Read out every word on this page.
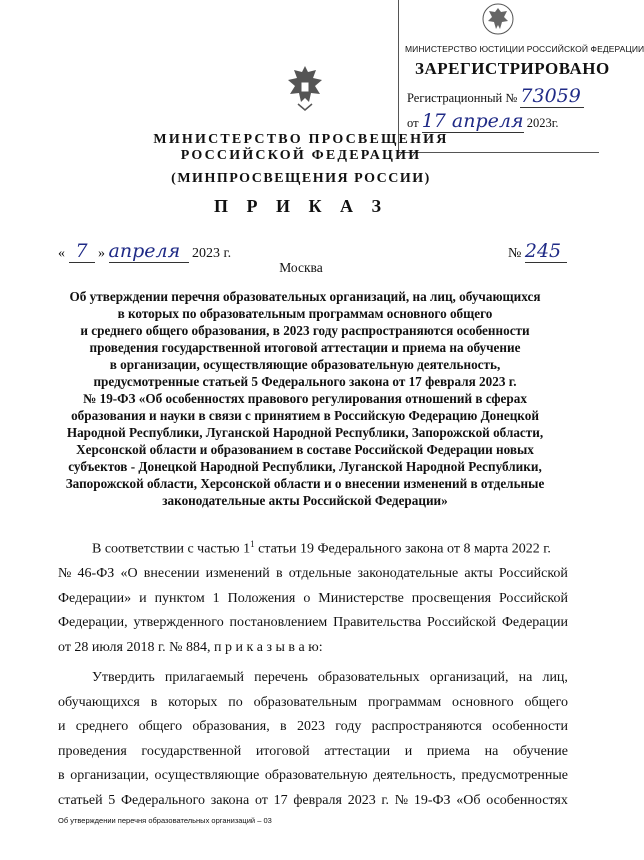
МИНИСТЕРСТВО ЮСТИЦИИ РОССИЙСКОЙ ФЕДЕРАЦИИ
ЗАРЕГИСТРИРОВАНО
Регистрационный № 73059
от 17 апреля 2023г.
МИНИСТЕРСТВО ПРОСВЕЩЕНИЯ
РОССИЙСКОЙ ФЕДЕРАЦИИ
(МИНПРОСВЕЩЕНИЯ РОССИИ)
П Р И К А З
« 7 » апреля 2023 г.	№ 245
Москва
Об утверждении перечня образовательных организаций, на лиц, обучающихся
в которых по образовательным программам основного общего
и среднего общего образования, в 2023 году распространяются особенности
проведения государственной итоговой аттестации и приема на обучение
в организации, осуществляющие образовательную деятельность,
предусмотренные статьей 5 Федерального закона от 17 февраля 2023 г.
№ 19-ФЗ «Об особенностях правового регулирования отношений в сферах
образования и науки в связи с принятием в Российскую Федерацию Донецкой
Народной Республики, Луганской Народной Республики, Запорожской области,
Херсонской области и образованием в составе Российской Федерации новых
субъектов - Донецкой Народной Республики, Луганской Народной Республики,
Запорожской области, Херсонской области и о внесении изменений в отдельные
законодательные акты Российской Федерации»
В соответствии с частью $1^1$ статьи 19 Федерального закона от 8 марта 2022 г.
№ 46-ФЗ «О внесении изменений в отдельные законодательные акты Российской
Федерации» и пунктом 1 Положения о Министерстве просвещения Российской
Федерации, утвержденного постановлением Правительства Российской Федерации
от 28 июля 2018 г. № 884, п р и к а з ы в а ю:
Утвердить прилагаемый перечень образовательных организаций, на лиц,
обучающихся в которых по образовательным программам основного общего
и среднего общего образования, в 2023 году распространяются особенности
проведения государственной итоговой аттестации и приема на обучение
в организации, осуществляющие образовательную деятельность, предусмотренные
статьей 5 Федерального закона от 17 февраля 2023 г. № 19-ФЗ «Об особенностях
Об утверждении перечня образовательных организаций – 03
